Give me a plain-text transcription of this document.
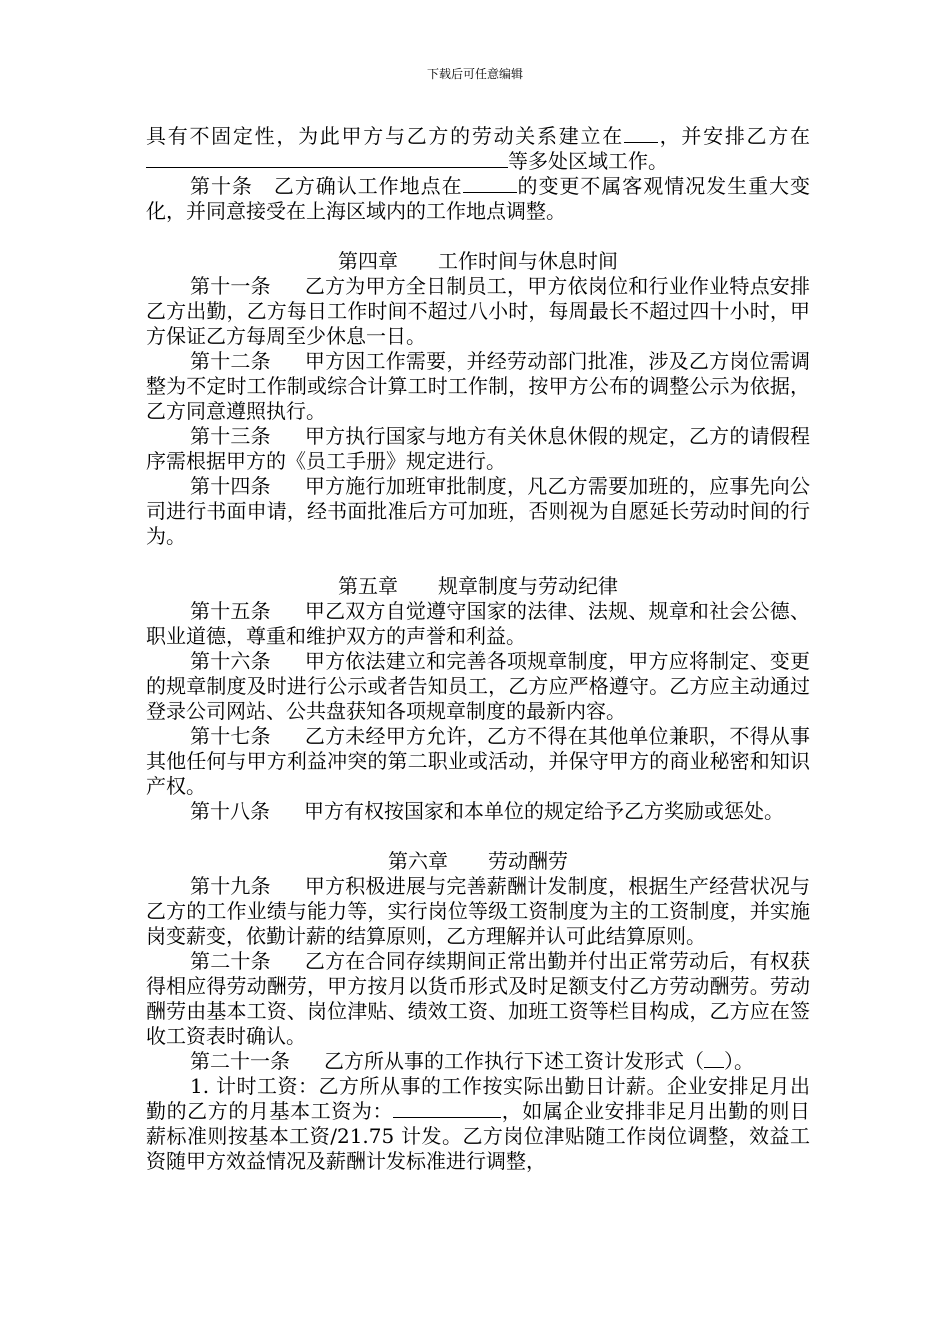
下载后可任意编辑

具有不固定性，为此甲方与乙方的劳动关系建立在 ，并安排乙方在等多处区域工作。

第十条　 乙方确认工作地点在	的变更不属客观情况发生重大变化，并同意接受在上海区域内的工作地点调整。

第四章　　工作时间与休息时间

第十一条 乙方为甲方全日制员工，甲方依岗位和行业作业特点安排乙方出勤，乙方每日工作时间不超过八小时，每周最长不超过四十小时，甲方保证乙方每周至少休息一日。

第十二条 甲方因工作需要，并经劳动部门批准，涉及乙方岗位需调整为不定时工作制或综合计算工时工作制，按甲方公布的调整公示为依据，乙方同意遵照执行。

第十三条 甲方执行国家与地方有关休息休假的规定，乙方的请假程序需根据甲方的《员工手册》规定进行。

第十四条 甲方施行加班审批制度，凡乙方需要加班的，应事先向公司进行书面申请，经书面批准后方可加班，否则视为自愿延长劳动时间的行为。

第五章　　规章制度与劳动纪律

第十五条 甲乙双方自觉遵守国家的法律、法规、规章和社会公德、职业道德，尊重和维护双方的声誉和利益。

第十六条 甲方依法建立和完善各项规章制度，甲方应将制定、变更的规章制度及时进行公示或者告知员工，乙方应严格遵守。乙方应主动通过登录公司网站、公共盘获知各项规章制度的最新内容。

第十七条 乙方未经甲方允许，乙方不得在其他单位兼职，不得从事其他任何与甲方利益冲突的第二职业或活动，并保守甲方的商业秘密和知识产权。

第十八条 甲方有权按国家和本单位的规定给予乙方奖励或惩处。

第六章　　劳动酬劳

第十九条 甲方积极进展与完善薪酬计发制度，根据生产经营状况与乙方的工作业绩与能力等，实行岗位等级工资制度为主的工资制度，并实施岗变薪变，依勤计薪的结算原则，乙方理解并认可此结算原则。

第二十条 乙方在合同存续期间正常出勤并付出正常劳动后，有权获得相应得劳动酬劳，甲方按月以货币形式及时足额支付乙方劳动酬劳。劳动酬劳由基本工资、岗位津贴、绩效工资、加班工资等栏目构成，乙方应在签收工资表时确认。

第二十一条 乙方所从事的工作执行下述工资计发形式（ ）。

1. 计时工资：乙方所从事的工作按实际出勤日计薪。企业安排足月出勤的乙方的月基本工资为：	，如属企业安排非足月出勤的则日薪标准则按基本工资/21.75 计发。乙方岗位津贴随工作岗位调整，效益工资随甲方效益情况及薪酬计发标准进行调整，
